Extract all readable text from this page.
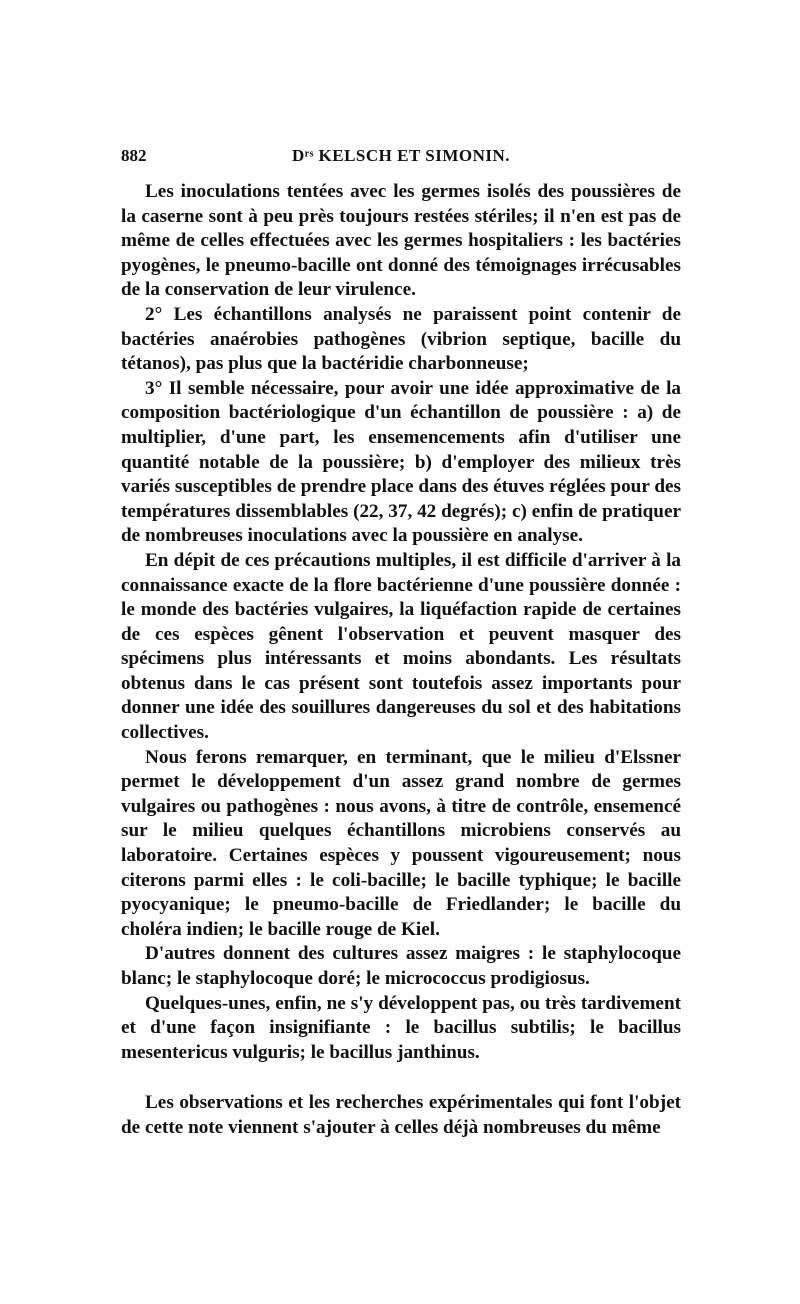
882	Dʳˢ KELSCH ET SIMONIN.

Les inoculations tentées avec les germes isolés des poussières de la caserne sont à peu près toujours restées stériles; il n'en est pas de même de celles effectuées avec les germes hospitaliers : les bactéries pyogènes, le pneumo-bacille ont donné des témoignages irrécusables de la conservation de leur virulence.

2° Les échantillons analysés ne paraissent point contenir de bactéries anaérobies pathogènes (vibrion septique, bacille du tétanos), pas plus que la bactéridie charbonneuse;

3° Il semble nécessaire, pour avoir une idée approximative de la composition bactériologique d'un échantillon de poussière : a) de multiplier, d'une part, les ensemencements afin d'utiliser une quantité notable de la poussière; b) d'employer des milieux très variés susceptibles de prendre place dans des étuves réglées pour des températures dissemblables (22, 37, 42 degrés); c) enfin de pratiquer de nombreuses inoculations avec la poussière en analyse.

En dépit de ces précautions multiples, il est difficile d'arriver à la connaissance exacte de la flore bactérienne d'une poussière donnée : le monde des bactéries vulgaires, la liquéfaction rapide de certaines de ces espèces gênent l'observation et peuvent masquer des spécimens plus intéressants et moins abondants. Les résultats obtenus dans le cas présent sont toutefois assez importants pour donner une idée des souillures dangereuses du sol et des habitations collectives.

Nous ferons remarquer, en terminant, que le milieu d'Elssner permet le développement d'un assez grand nombre de germes vulgaires ou pathogènes : nous avons, à titre de contrôle, ensemencé sur le milieu quelques échantillons microbiens conservés au laboratoire. Certaines espèces y poussent vigoureusement; nous citerons parmi elles : le coli-bacille; le bacille typhique; le bacille pyocyanique; le pneumo-bacille de Friedlander; le bacille du choléra indien; le bacille rouge de Kiel.

D'autres donnent des cultures assez maigres : le staphylocoque blanc; le staphylocoque doré; le micrococcus prodigiosus.

Quelques-unes, enfin, ne s'y développent pas, ou très tardivement et d'une façon insignifiante : le bacillus subtilis; le bacillus mesentericus vulguris; le bacillus janthinus.

Les observations et les recherches expérimentales qui font l'objet de cette note viennent s'ajouter à celles déjà nombreuses du même
